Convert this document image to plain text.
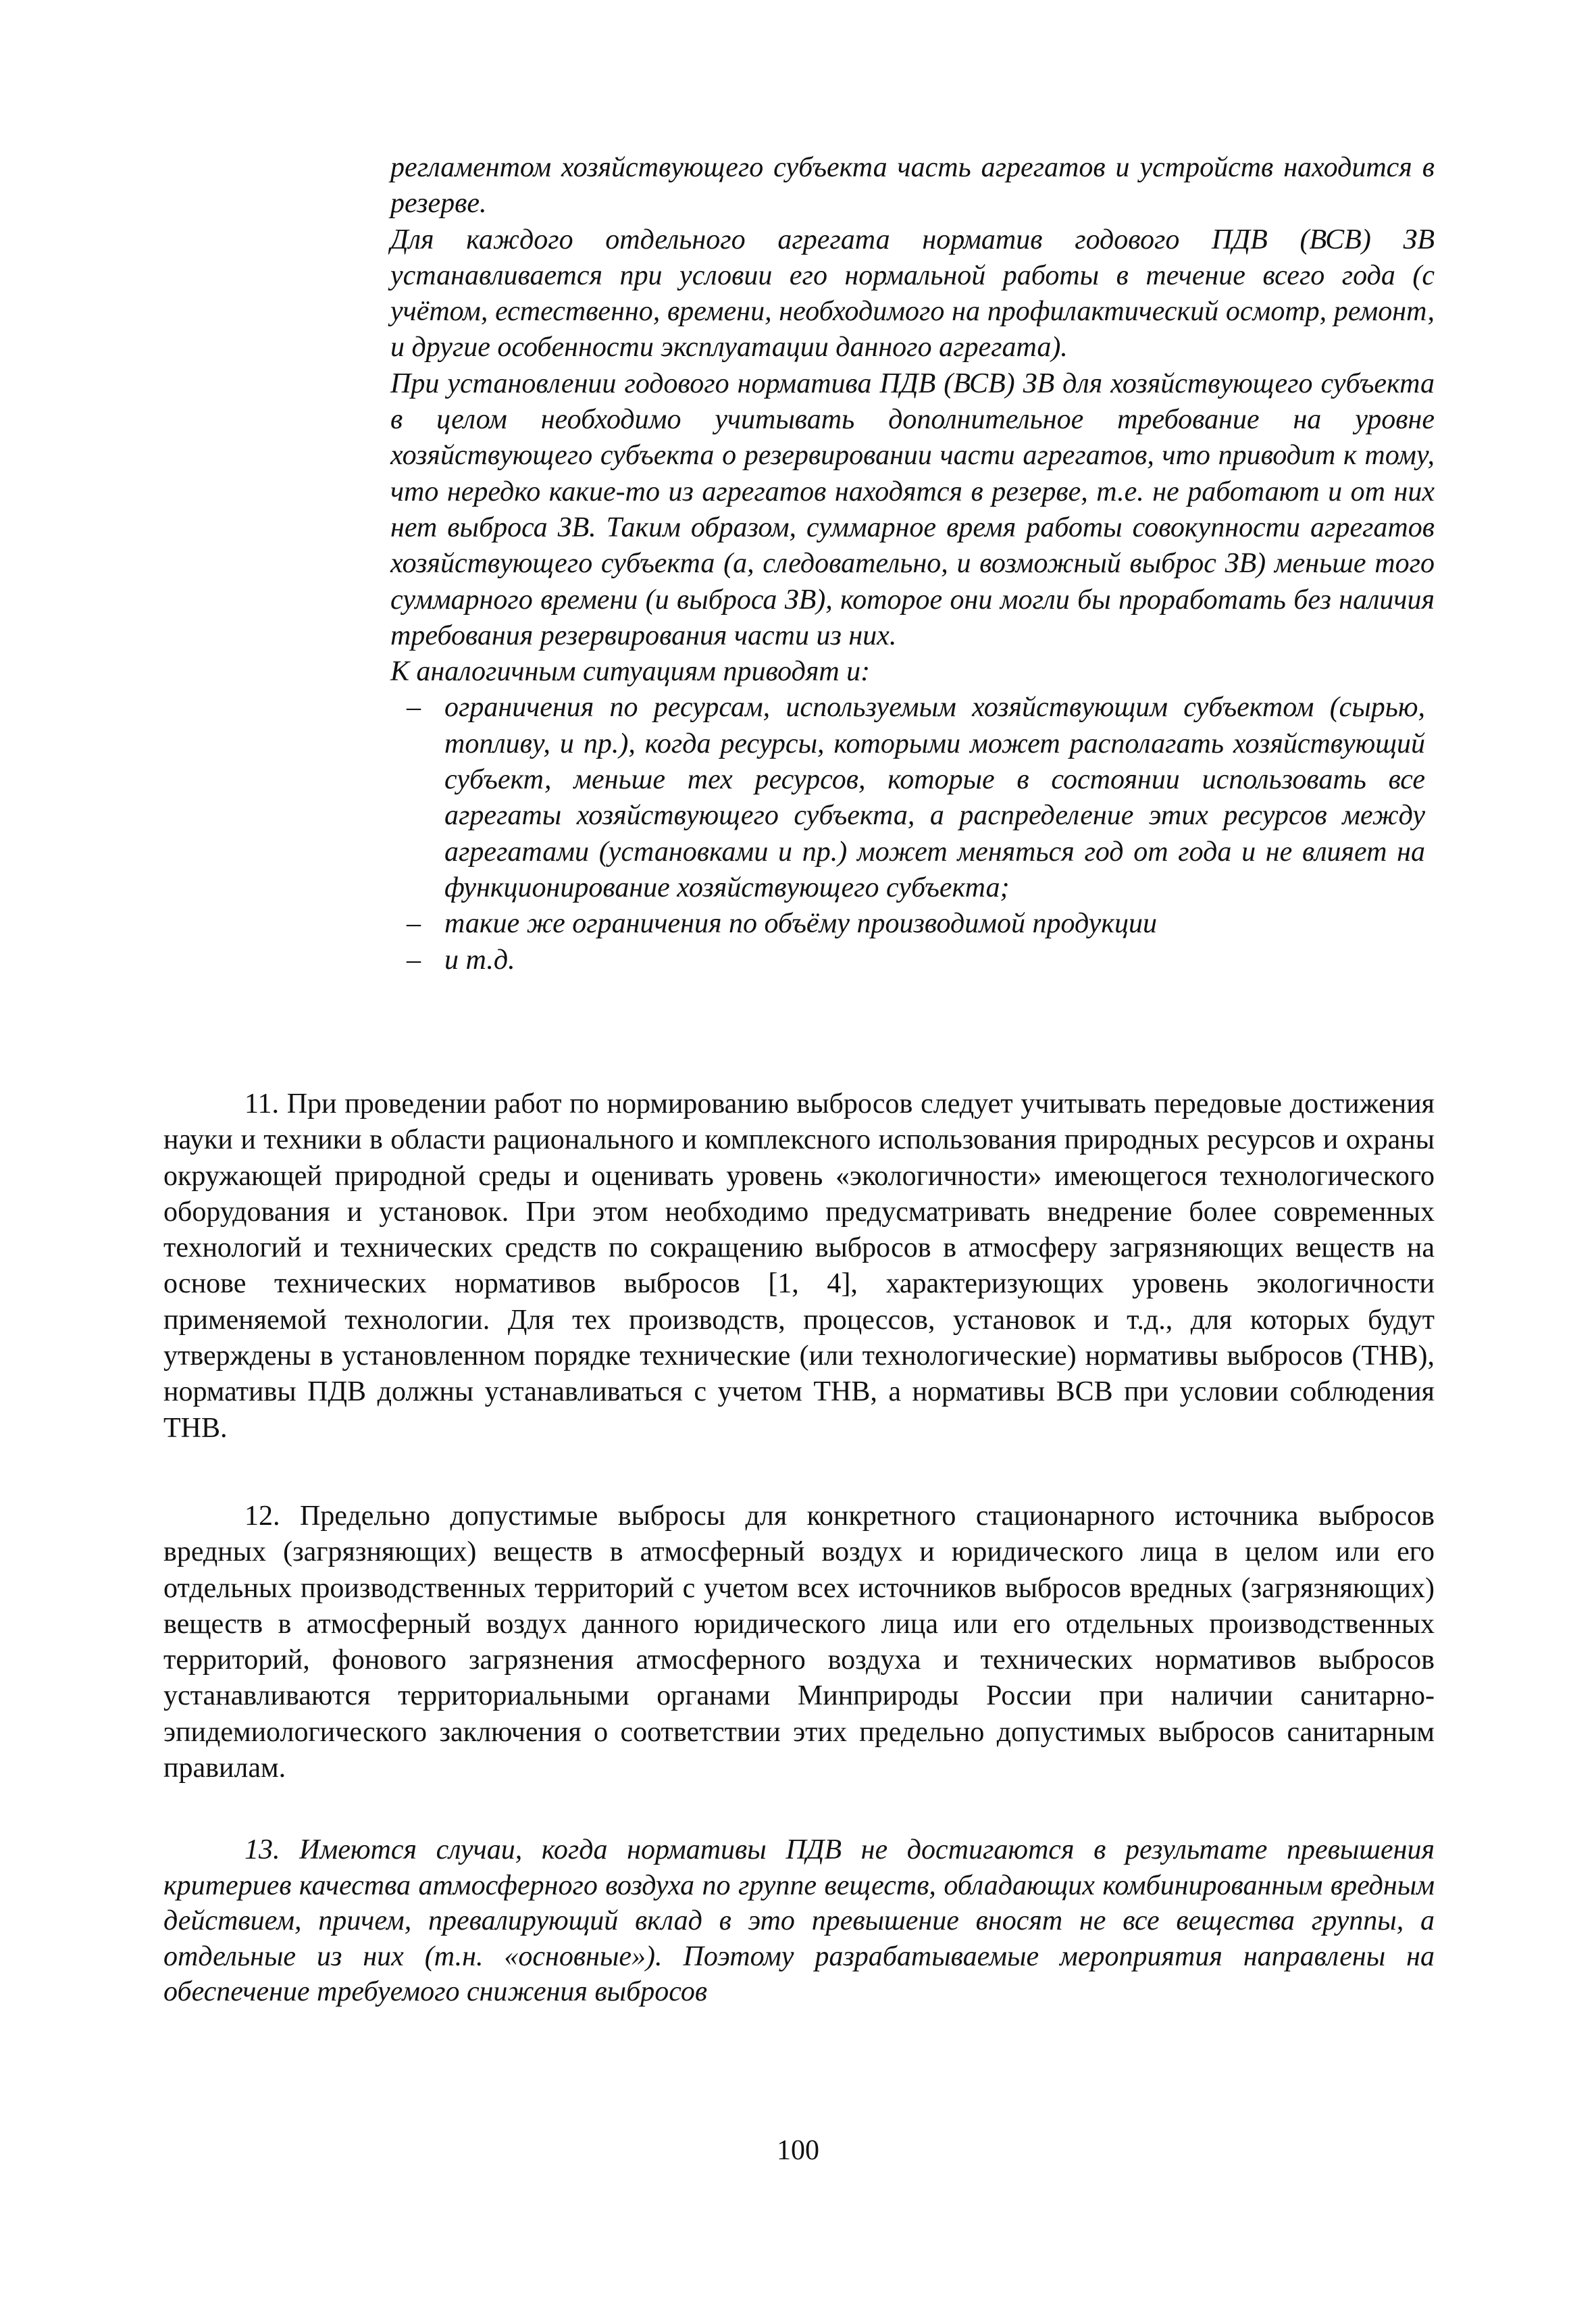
регламентом хозяйствующего субъекта часть агрегатов и устройств находится в резерве.

Для каждого отдельного агрегата норматив годового ПДВ (ВСВ) ЗВ устанавливается при условии его нормальной работы в течение всего года (с учётом, естественно, времени, необходимого на профилактический осмотр, ремонт, и другие особенности эксплуатации данного агрегата).

При установлении годового норматива ПДВ (ВСВ) ЗВ для хозяйствующего субъекта в целом необходимо учитывать дополнительное требование на уровне хозяйствующего субъекта о резервировании части агрегатов, что приводит к тому, что нередко какие-то из агрегатов находятся в резерве, т.е. не работают и от них нет выброса ЗВ. Таким образом, суммарное время работы совокупности агрегатов хозяйствующего субъекта (а, следовательно, и возможный выброс ЗВ) меньше того суммарного времени (и выброса ЗВ), которое они могли бы проработать без наличия требования резервирования части из них.

К аналогичным ситуациям приводят и:

– ограничения по ресурсам, используемым хозяйствующим субъектом (сырью, топливу, и пр.), когда ресурсы, которыми может располагать хозяйствующий субъект, меньше тех ресурсов, которые в состоянии использовать все агрегаты хозяйствующего субъекта, а распределение этих ресурсов между агрегатами (установками и пр.) может меняться год от года и не влияет на функционирование хозяйствующего субъекта;
– такие же ограничения по объёму производимой продукции
– и т.д.

11. При проведении работ по нормированию выбросов следует учитывать передовые достижения науки и техники в области рационального и комплексного использования природных ресурсов и охраны окружающей природной среды и оценивать уровень «экологичности» имеющегося технологического оборудования и установок. При этом необходимо предусматривать внедрение более современных технологий и технических средств по сокращению выбросов в атмосферу загрязняющих веществ на основе технических нормативов выбросов [1, 4], характеризующих уровень экологичности применяемой технологии. Для тех производств, процессов, установок и т.д., для которых будут утверждены в установленном порядке технические (или технологические) нормативы выбросов (ТНВ), нормативы ПДВ должны устанавливаться с учетом ТНВ, а нормативы ВСВ при условии соблюдения ТНВ.

12. Предельно допустимые выбросы для конкретного стационарного источника выбросов вредных (загрязняющих) веществ в атмосферный воздух и юридического лица в целом или его отдельных производственных территорий с учетом всех источников выбросов вредных (загрязняющих) веществ в атмосферный воздух данного юридического лица или его отдельных производственных территорий, фонового загрязнения атмосферного воздуха и технических нормативов выбросов устанавливаются территориальными органами Минприроды России при наличии санитарно-эпидемиологического заключения о соответствии этих предельно допустимых выбросов санитарным правилам.

13. Имеются случаи, когда нормативы ПДВ не достигаются в результате превышения критериев качества атмосферного воздуха по группе веществ, обладающих комбинированным вредным действием, причем, превалирующий вклад в это превышение вносят не все вещества группы, а отдельные из них (т.н. «основные»). Поэтому разрабатываемые мероприятия направлены на обеспечение требуемого снижения выбросов

100
